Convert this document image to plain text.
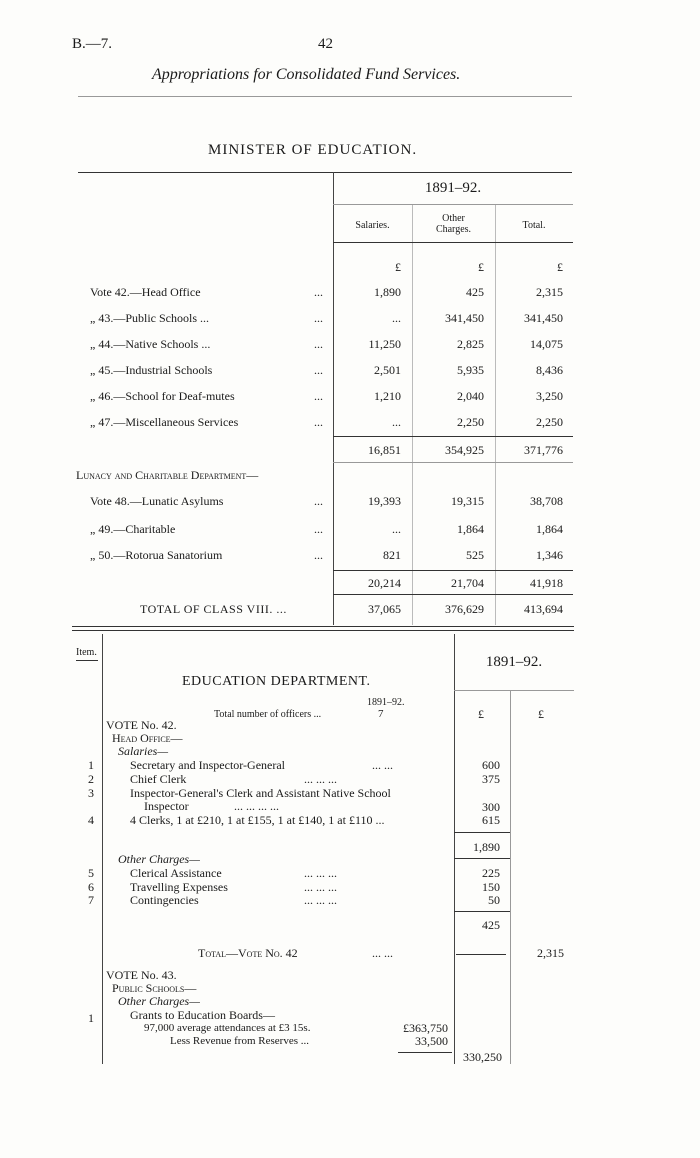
B.—7.	42
Appropriations for Consolidated Fund Services.
MINISTER OF EDUCATION.
1891–92.
Salaries.
Other
Charges.	Total.
£	£	£
Vote 42.—Head Office	...	1,890	425	2,315
„ 43.—Public Schools ...	...	...	341,450	341,450
„ 44.—Native Schools ...	...	11,250	2,825	14,075
„ 45.—Industrial Schools	...	2,501	5,935	8,436
„ 46.—School for Deaf-mutes	...	1,210	2,040	3,250
„ 47.—Miscellaneous Services	...	...	2,250	2,250
16,851	354,925	371,776
Lunacy and Charitable Department—
Vote 48.—Lunatic Asylums	...	19,393	19,315	38,708
„ 49.—Charitable	...	...	1,864	1,864
„ 50.—Rotorua Sanatorium	...	821	525	1,346
20,214	21,704	41,918
TOTAL OF CLASS VIII. ...	37,065	376,629	413,694
Item.
1891–92.
EDUCATION DEPARTMENT.
1891–92.
Total number of officers ...	7	£	£
VOTE No. 42.
Head Office—
Salaries—
1	Secretary and Inspector-General	... ...	600
2	Chief Clerk	... ... ...	375
3	Inspector-General's Clerk and Assistant Native School
Inspector	... ... ... ...	300
4	4 Clerks, 1 at £210, 1 at £155, 1 at £140, 1 at £110 ...	615
1,890
Other Charges—
5	Clerical Assistance	... ... ...	225
6	Travelling Expenses	... ... ...	150
7	Contingencies	... ... ...	50
425
Total—Vote No. 42	... ...	2,315
VOTE No. 43.
Public Schools—
Other Charges—
1	Grants to Education Boards—
97,000 average attendances at £3 15s.	£363,750
Less Revenue from Reserves ...	33,500
330,250
